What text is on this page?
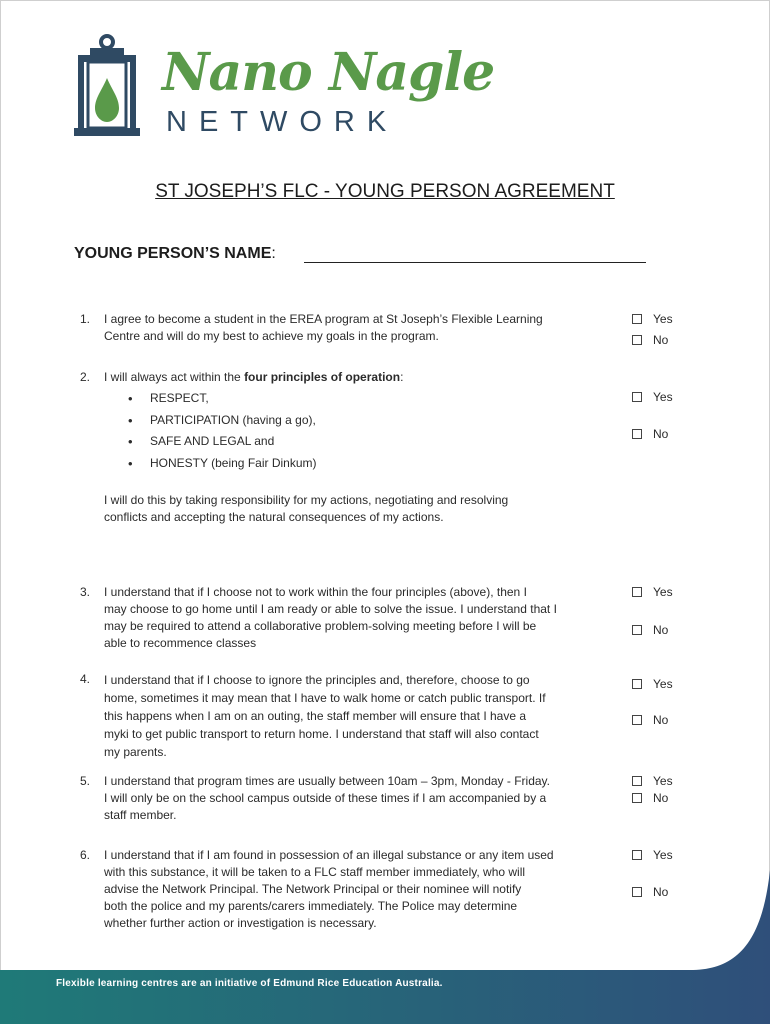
Nano Nagle
NETWORK
ST JOSEPH’S FLC - YOUNG PERSON AGREEMENT
YOUNG PERSON’S NAME:
1. I agree to become a student in the EREA program at St Joseph’s Flexible Learning
Centre and will do my best to achieve my goals in the program.
Yes
No
2. I will always act within the four principles of operation:
• RESPECT,
• PARTICIPATION (having a go),
• SAFE AND LEGAL and
• HONESTY (being Fair Dinkum)
I will do this by taking responsibility for my actions, negotiating and resolving
conflicts and accepting the natural consequences of my actions.
Yes
No
3. I understand that if I choose not to work within the four principles (above), then I
may choose to go home until I am ready or able to solve the issue. I understand that I
may be required to attend a collaborative problem-solving meeting before I will be
able to recommence classes
Yes
No
4. I understand that if I choose to ignore the principles and, therefore, choose to go
home, sometimes it may mean that I have to walk home or catch public transport. If
this happens when I am on an outing, the staff member will ensure that I have a
myki to get public transport to return home. I understand that staff will also contact
my parents.
Yes
No
5. I understand that program times are usually between 10am – 3pm, Monday - Friday.
I will only be on the school campus outside of these times if I am accompanied by a
staff member.
Yes
No
6. I understand that if I am found in possession of an illegal substance or any item used
with this substance, it will be taken to a FLC staff member immediately, who will
advise the Network Principal. The Network Principal or their nominee will notify
both the police and my parents/carers immediately. The Police may determine
whether further action or investigation is necessary.
Yes
No
Flexible learning centres are an initiative of Edmund Rice Education Australia.
